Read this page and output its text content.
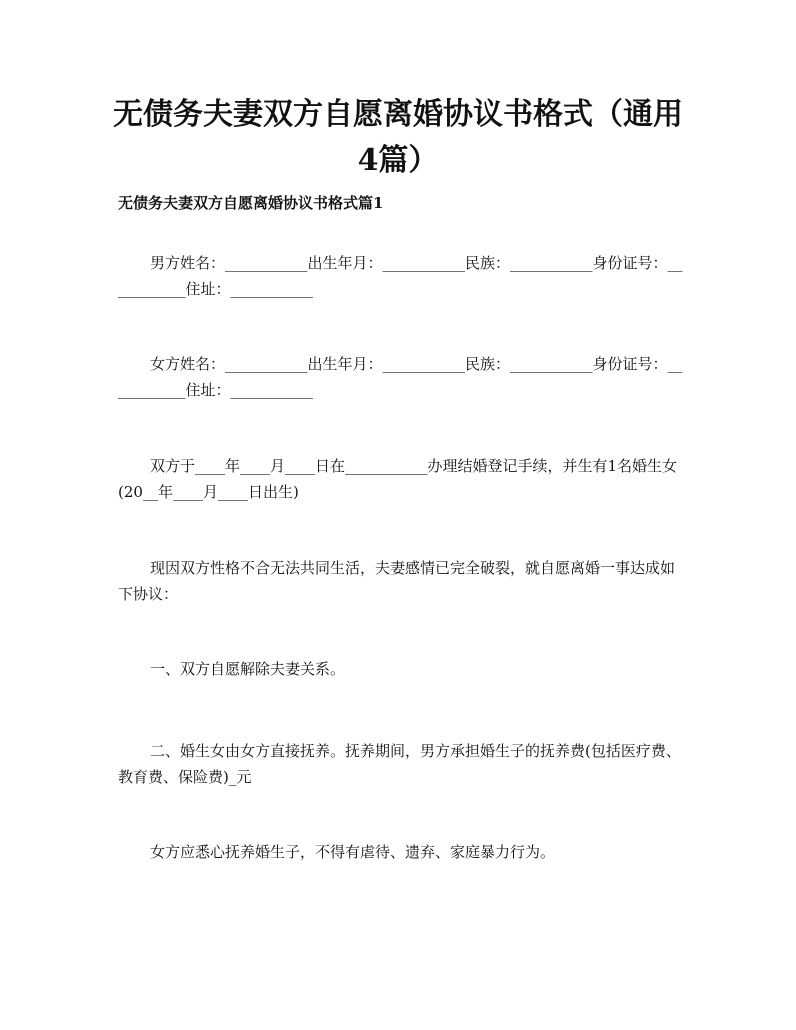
无债务夫妻双方自愿离婚协议书格式（通用
4篇）
无债务夫妻双方自愿离婚协议书格式篇1
男方姓名：___________出生年月：___________民族：___________身份证号：___________住址：___________
女方姓名：___________出生年月：___________民族：___________身份证号：___________住址：___________
双方于____年____月____日在___________办理结婚登记手续，并生有1名婚生女(20__年____月____日出生)
现因双方性格不合无法共同生活，夫妻感情已完全破裂，就自愿离婚一事达成如下协议：
一、双方自愿解除夫妻关系。
二、婚生女由女方直接抚养。抚养期间，男方承担婚生子的抚养费(包括医疗费、教育费、保险费)_元
女方应悉心抚养婚生子，不得有虐待、遗弃、家庭暴力行为。
